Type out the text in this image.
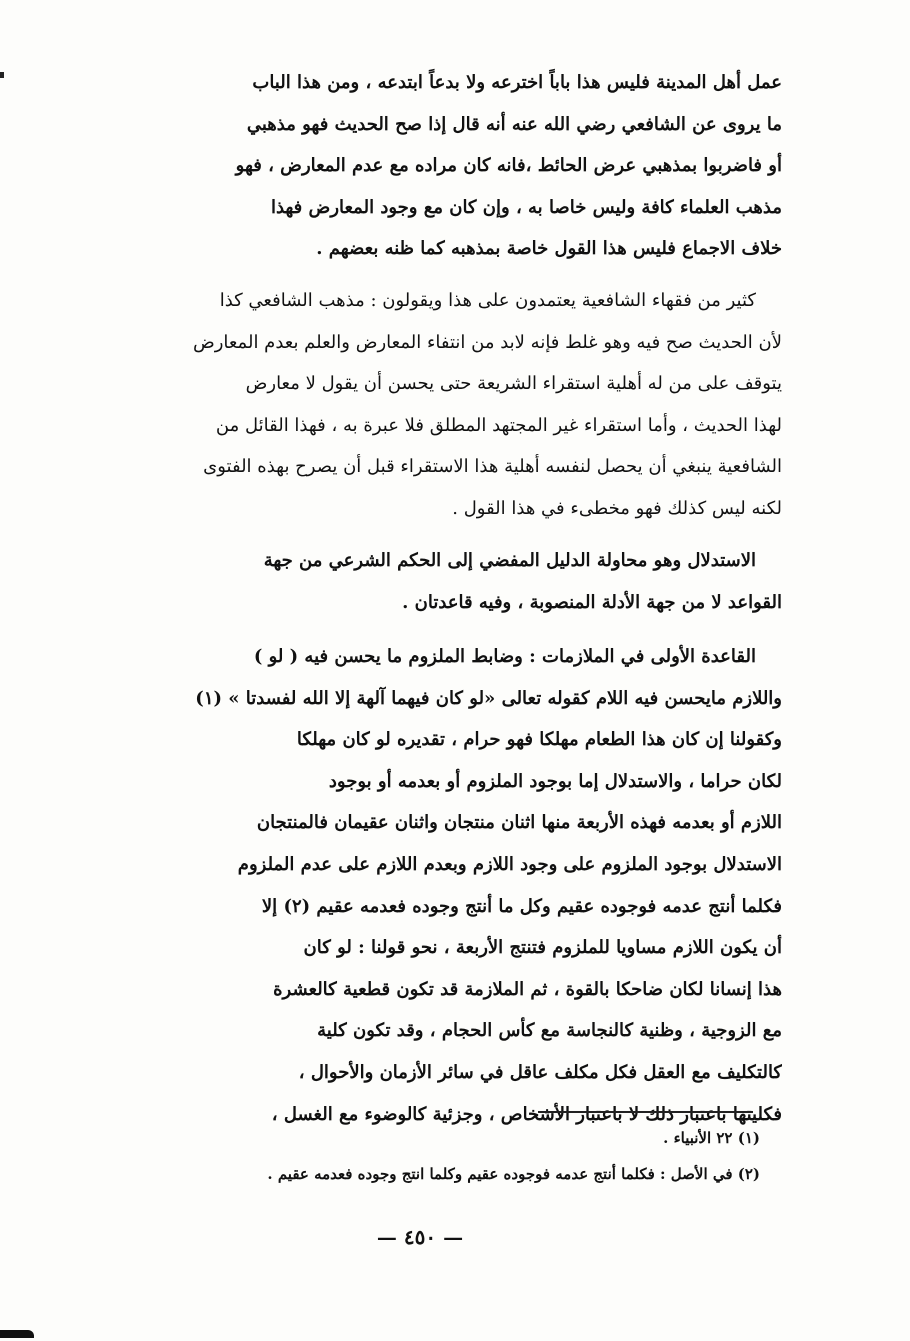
عمل أهل المدينة فليس هذا باباً اخترعه ولا بدعاً ابتدعه ، ومن هذا الباب
ما يروى عن الشافعي رضي الله عنه أنه قال إذا صح الحديث فهو مذهبي
أو فاضربوا بمذهبي عرض الحائط ،فانه كان مراده مع عدم المعارض ، فهو
مذهب العلماء كافة وليس خاصا به ، وإن كان مع وجود المعارض فهذا
خلاف الاجماع فليس هذا القول خاصة بمذهبه كما ظنه بعضهم .

كثير من فقهاء الشافعية يعتمدون على هذا ويقولون : مذهب الشافعي كذا
لأن الحديث صح فيه وهو غلط فإنه لابد من انتفاء المعارض والعلم بعدم المعارض
يتوقف على من له أهلية استقراء الشريعة حتى يحسن أن يقول لا معارض
لهذا الحديث ، وأما استقراء غير المجتهد المطلق فلا عبرة به ، فهذا القائل من
الشافعية ينبغي أن يحصل لنفسه أهلية هذا الاستقراء قبل أن يصرح بهذه الفتوى
لكنه ليس كذلك فهو مخطىء في هذا القول .

الاستدلال وهو محاولة الدليل المفضي إلى الحكم الشرعي من جهة
القواعد لا من جهة الأدلة المنصوبة ، وفيه قاعدتان .

القاعدة الأولى في الملازمات : وضابط الملزوم ما يحسن فيه ( لو )
واللازم مايحسن فيه اللام كقوله تعالى «لو كان فيهما آلهة إلا الله لفسدتا » (١)
وكقولنا إن كان هذا الطعام مهلكا فهو حرام ، تقديره لو كان مهلكا
لكان حراما ، والاستدلال إما بوجود الملزوم أو بعدمه أو بوجود
اللازم أو بعدمه فهذه الأربعة منها اثنان منتجان واثنان عقيمان فالمنتجان
الاستدلال بوجود الملزوم على وجود اللازم وبعدم اللازم على عدم الملزوم
فكلما أنتج عدمه فوجوده عقيم وكل ما أنتج وجوده فعدمه عقيم (٢) إلا
أن يكون اللازم مساويا للملزوم فتنتج الأربعة ، نحو قولنا : لو كان
هذا إنسانا لكان ضاحكا بالقوة ، ثم الملازمة قد تكون قطعية كالعشرة
مع الزوجية ، وظنية كالنجاسة مع كأس الحجام ، وقد تكون كلية
كالتكليف مع العقل فكل مكلف عاقل في سائر الأزمان والأحوال ،
فكليتها باعتبار ذلك لا باعتبار الأشخاص ، وجزئية كالوضوء مع الغسل ،

(١) ٢٢ الأنبياء .
(٢) في الأصل : فكلما أنتج عدمه فوجوده عقيم وكلما انتج وجوده فعدمه عقيم .
— ٤٥٠ —
